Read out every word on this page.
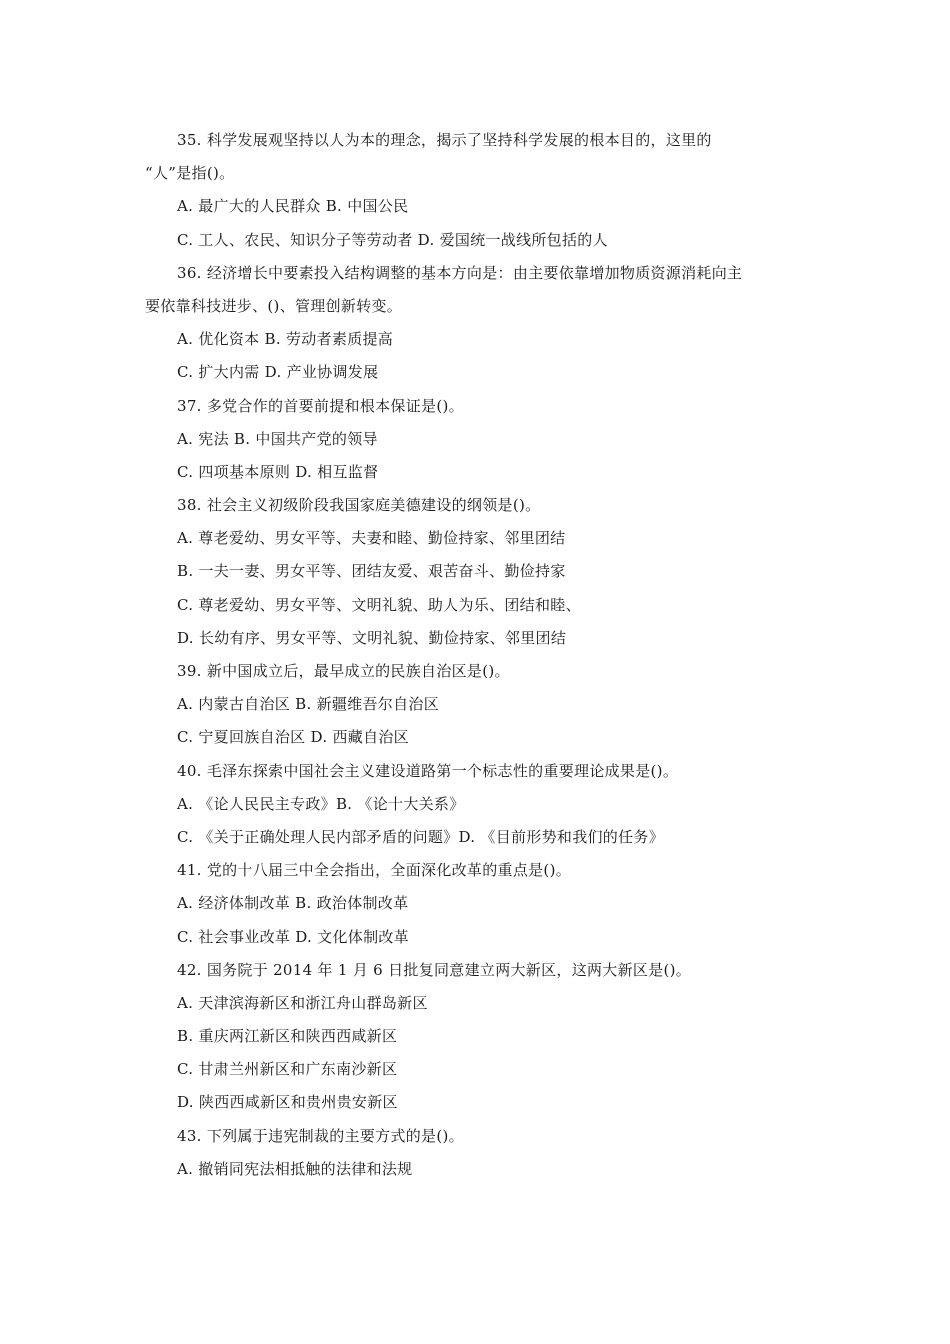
35. 科学发展观坚持以人为本的理念，揭示了坚持科学发展的根本目的，这里的
“人”是指()。
A. 最广大的人民群众 B. 中国公民
C. 工人、农民、知识分子等劳动者 D. 爱国统一战线所包括的人
36. 经济增长中要素投入结构调整的基本方向是：由主要依靠增加物质资源消耗向主
要依靠科技进步、()、管理创新转变。
A. 优化资本 B. 劳动者素质提高
C. 扩大内需 D. 产业协调发展
37. 多党合作的首要前提和根本保证是()。
A. 宪法 B. 中国共产党的领导
C. 四项基本原则 D. 相互监督
38. 社会主义初级阶段我国家庭美德建设的纲领是()。
A. 尊老爱幼、男女平等、夫妻和睦、勤俭持家、邻里团结
B. 一夫一妻、男女平等、团结友爱、艰苦奋斗、勤俭持家
C. 尊老爱幼、男女平等、文明礼貌、助人为乐、团结和睦、
D. 长幼有序、男女平等、文明礼貌、勤俭持家、邻里团结
39. 新中国成立后，最早成立的民族自治区是()。
A. 内蒙古自治区 B. 新疆维吾尔自治区
C. 宁夏回族自治区 D. 西藏自治区
40. 毛泽东探索中国社会主义建设道路第一个标志性的重要理论成果是()。
A. 《论人民民主专政》B. 《论十大关系》
C. 《关于正确处理人民内部矛盾的问题》D. 《目前形势和我们的任务》
41. 党的十八届三中全会指出，全面深化改革的重点是()。
A. 经济体制改革 B. 政治体制改革
C. 社会事业改革 D. 文化体制改革
42. 国务院于 2014 年 1 月 6 日批复同意建立两大新区，这两大新区是()。
A. 天津滨海新区和浙江舟山群岛新区
B. 重庆两江新区和陕西西咸新区
C. 甘肃兰州新区和广东南沙新区
D. 陕西西咸新区和贵州贵安新区
43. 下列属于违宪制裁的主要方式的是()。
A. 撤销同宪法相抵触的法律和法规
